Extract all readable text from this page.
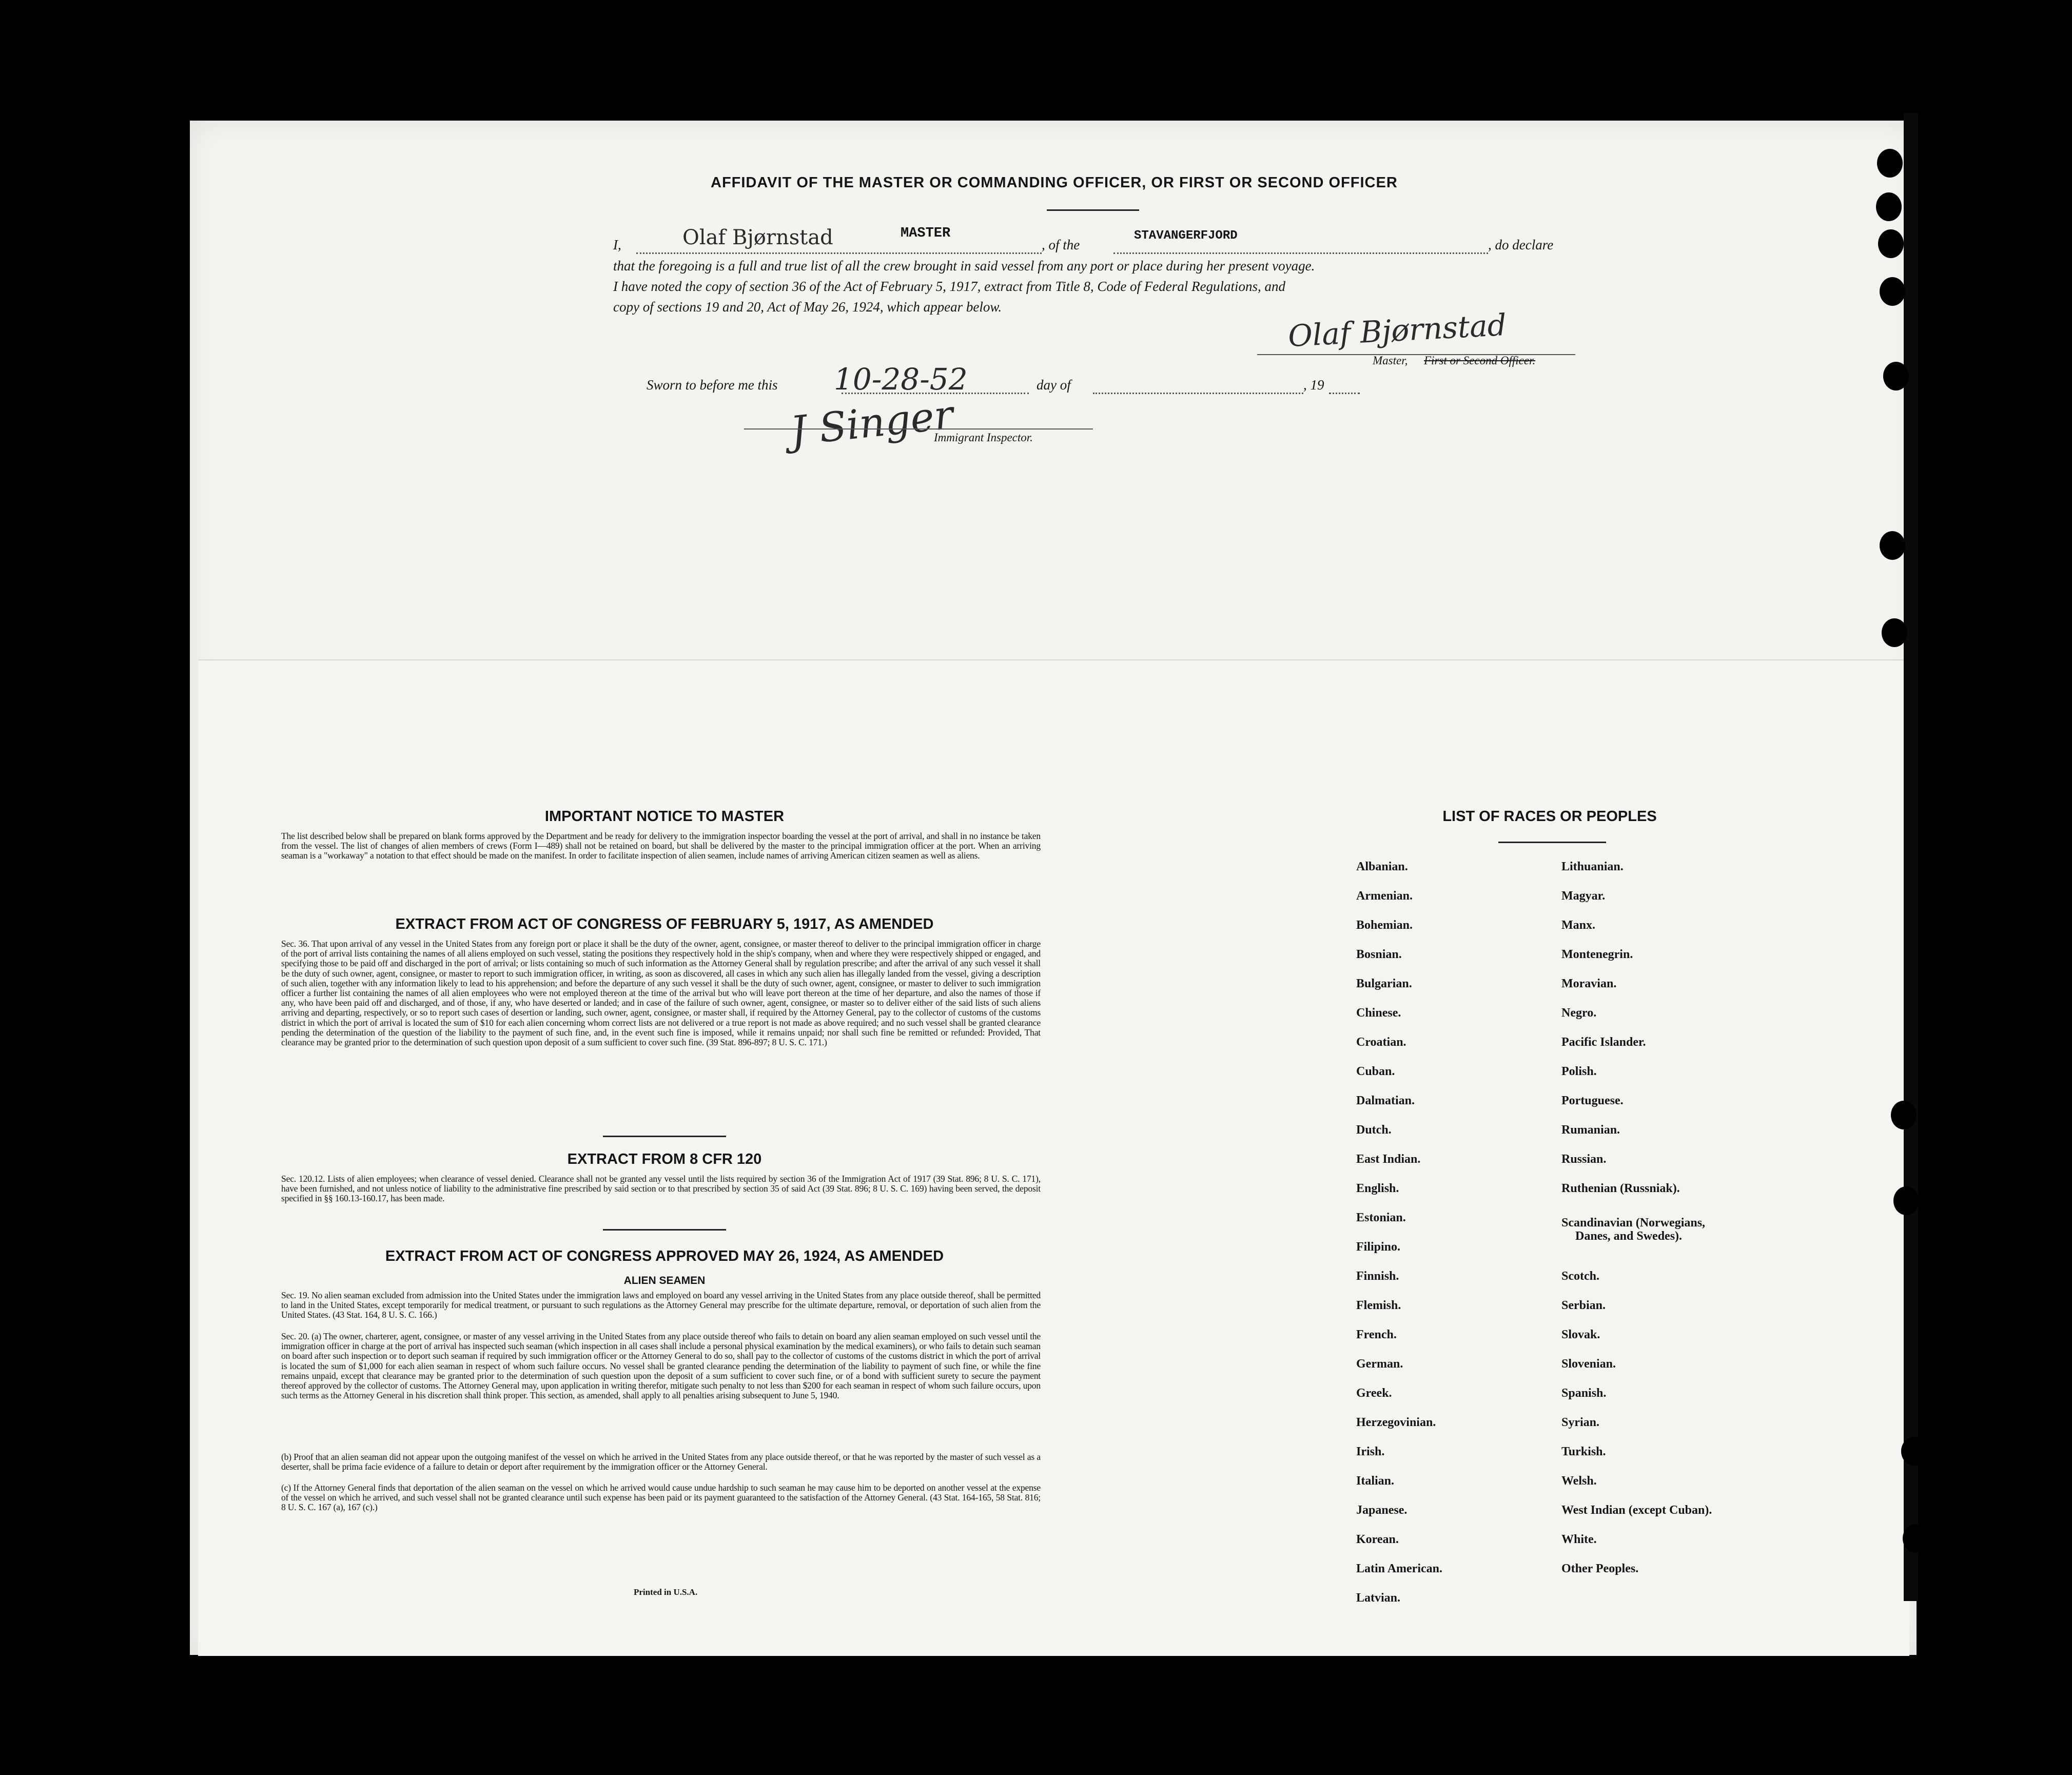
AFFIDAVIT OF THE MASTER OR COMMANDING OFFICER, OR FIRST OR SECOND OFFICER
I,	Olaf Bjørnstad	MASTER
, of the
STAVANGERFJORD
, do declare
that the foregoing is a full and true list of all the crew brought in said vessel from any port or place during her present voyage.
I have noted the copy of section 36 of the Act of February 5, 1917, extract from Title 8, Code of Federal Regulations, and
copy of sections 19 and 20, Act of May 26, 1924, which appear below.
Olaf Bjørnstad
Master, First or Second Officer.
Sworn to before me this 10-28-52	day of	, 19
J Singer
Immigrant Inspector.
IMPORTANT NOTICE TO MASTER
The list described below shall be prepared on blank forms approved by the Department and be ready for delivery to the immigration inspector boarding the vessel at the port of arrival, and shall in no instance be taken from the vessel. The list of changes of alien members of crews (Form I—489) shall not be retained on board, but shall be delivered by the master to the principal immigration officer at the port. When an arriving seaman is a "workaway" a notation to that effect should be made on the manifest. In order to facilitate inspection of alien seamen, include names of arriving American citizen seamen as well as aliens.
EXTRACT FROM ACT OF CONGRESS OF FEBRUARY 5, 1917, AS AMENDED
Sec. 36. That upon arrival of any vessel in the United States from any foreign port or place it shall be the duty of the owner, agent, consignee, or master thereof to deliver to the principal immigration officer in charge of the port of arrival lists containing the names of all aliens employed on such vessel, stating the positions they respectively hold in the ship's company, when and where they were respectively shipped or engaged, and specifying those to be paid off and discharged in the port of arrival; or lists containing so much of such information as the Attorney General shall by regulation prescribe; and after the arrival of any such vessel it shall be the duty of such owner, agent, consignee, or master to report to such immigration officer, in writing, as soon as discovered, all cases in which any such alien has illegally landed from the vessel, giving a description of such alien, together with any information likely to lead to his apprehension; and before the departure of any such vessel it shall be the duty of such owner, agent, consignee, or master to deliver to such immigration officer a further list containing the names of all alien employees who were not employed thereon at the time of the arrival but who will leave port thereon at the time of her departure, and also the names of those if any, who have been paid off and discharged, and of those, if any, who have deserted or landed; and in case of the failure of such owner, agent, consignee, or master so to deliver either of the said lists of such aliens arriving and departing, respectively, or so to report such cases of desertion or landing, such owner, agent, consignee, or master shall, if required by the Attorney General, pay to the collector of customs of the customs district in which the port of arrival is located the sum of $10 for each alien concerning whom correct lists are not delivered or a true report is not made as above required; and no such vessel shall be granted clearance pending the determination of the question of the liability to the payment of such fine, and, in the event such fine is imposed, while it remains unpaid; nor shall such fine be remitted or refunded: Provided, That clearance may be granted prior to the determination of such question upon deposit of a sum sufficient to cover such fine. (39 Stat. 896-897; 8 U. S. C. 171.)
EXTRACT FROM 8 CFR 120
Sec. 120.12. Lists of alien employees; when clearance of vessel denied. Clearance shall not be granted any vessel until the lists required by section 36 of the Immigration Act of 1917 (39 Stat. 896; 8 U. S. C. 171), have been furnished, and not unless notice of liability to the administrative fine prescribed by said section or to that prescribed by section 35 of said Act (39 Stat. 896; 8 U. S. C. 169) having been served, the deposit specified in §§ 160.13-160.17, has been made.
EXTRACT FROM ACT OF CONGRESS APPROVED MAY 26, 1924, AS AMENDED
ALIEN SEAMEN
Sec. 19. No alien seaman excluded from admission into the United States under the immigration laws and employed on board any vessel arriving in the United States from any place outside thereof, shall be permitted to land in the United States, except temporarily for medical treatment, or pursuant to such regulations as the Attorney General may prescribe for the ultimate departure, removal, or deportation of such alien from the United States. (43 Stat. 164, 8 U. S. C. 166.)
Sec. 20. (a) The owner, charterer, agent, consignee, or master of any vessel arriving in the United States from any place outside thereof who fails to detain on board any alien seaman employed on such vessel until the immigration officer in charge at the port of arrival has inspected such seaman (which inspection in all cases shall include a personal physical examination by the medical examiners), or who fails to detain such seaman on board after such inspection or to deport such seaman if required by such immigration officer or the Attorney General to do so, shall pay to the collector of customs of the customs district in which the port of arrival is located the sum of $1,000 for each alien seaman in respect of whom such failure occurs. No vessel shall be granted clearance pending the determination of the liability to payment of such fine, or while the fine remains unpaid, except that clearance may be granted prior to the determination of such question upon the deposit of a sum sufficient to cover such fine, or of a bond with sufficient surety to secure the payment thereof approved by the collector of customs. The Attorney General may, upon application in writing therefor, mitigate such penalty to not less than $200 for each seaman in respect of whom such failure occurs, upon such terms as the Attorney General in his discretion shall think proper. This section, as amended, shall apply to all penalties arising subsequent to June 5, 1940.
(b) Proof that an alien seaman did not appear upon the outgoing manifest of the vessel on which he arrived in the United States from any place outside thereof, or that he was reported by the master of such vessel as a deserter, shall be prima facie evidence of a failure to detain or deport after requirement by the immigration officer or the Attorney General.
(c) If the Attorney General finds that deportation of the alien seaman on the vessel on which he arrived would cause undue hardship to such seaman he may cause him to be deported on another vessel at the expense of the vessel on which he arrived, and such vessel shall not be granted clearance until such expense has been paid or its payment guaranteed to the satisfaction of the Attorney General. (43 Stat. 164-165, 58 Stat. 816; 8 U. S. C. 167 (a), 167 (c).)
Printed in U.S.A.
LIST OF RACES OR PEOPLES
Albanian.
Armenian.
Bohemian.
Bosnian.
Bulgarian.
Chinese.
Croatian.
Cuban.
Dalmatian.
Dutch.
East Indian.
English.
Estonian.
Filipino.
Finnish.
Flemish.
French.
German.
Greek.
Herzegovinian.
Irish.
Italian.
Japanese.
Korean.
Latin American.
Latvian.
Lithuanian.
Magyar.
Manx.
Montenegrin.
Moravian.
Negro.
Pacific Islander.
Polish.
Portuguese.
Rumanian.
Russian.
Ruthenian (Russniak).
Scandinavian (Norwegians,
Danes, and Swedes).
Scotch.
Serbian.
Slovak.
Slovenian.
Spanish.
Syrian.
Turkish.
Welsh.
West Indian (except Cuban).
White.
Other Peoples.
